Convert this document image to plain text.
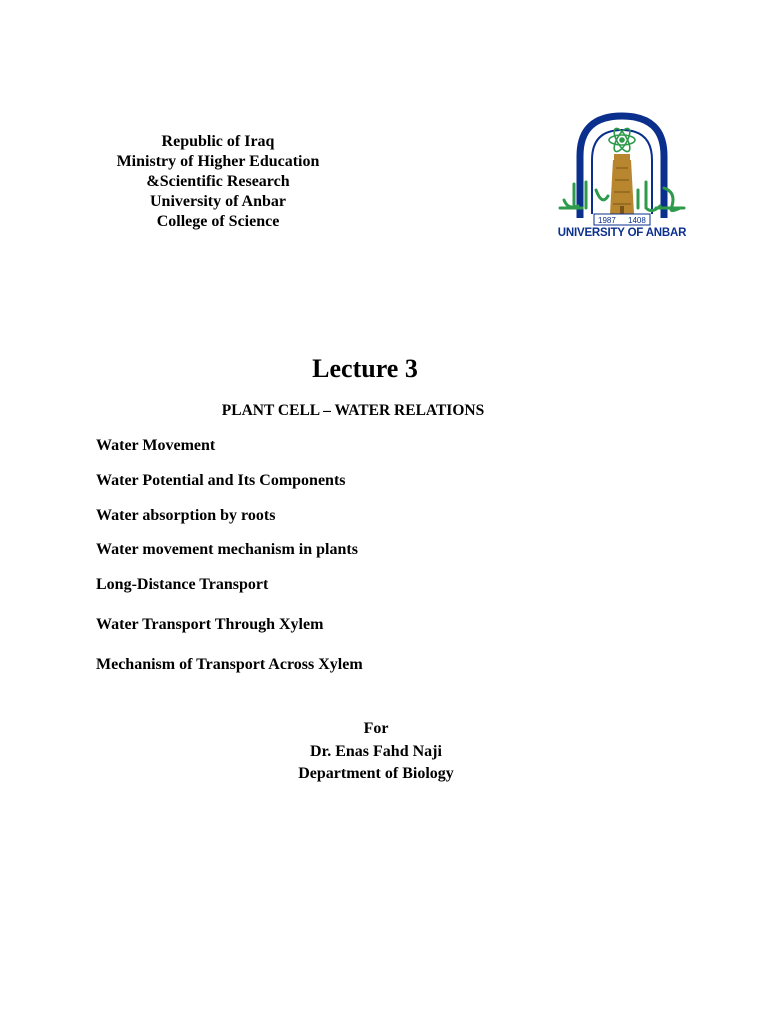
Republic of Iraq
Ministry of Higher Education
&Scientific Research
University of Anbar
College of Science	1987 1408
UNIVERSITY OF ANBAR
Lecture 3
PLANT CELL – WATER RELATIONS
Water Movement
Water Potential and Its Components
Water absorption by roots
Water movement mechanism in plants
Long-Distance Transport
Water Transport Through Xylem
Mechanism of Transport Across Xylem
For
Dr. Enas Fahd Naji
Department of Biology
